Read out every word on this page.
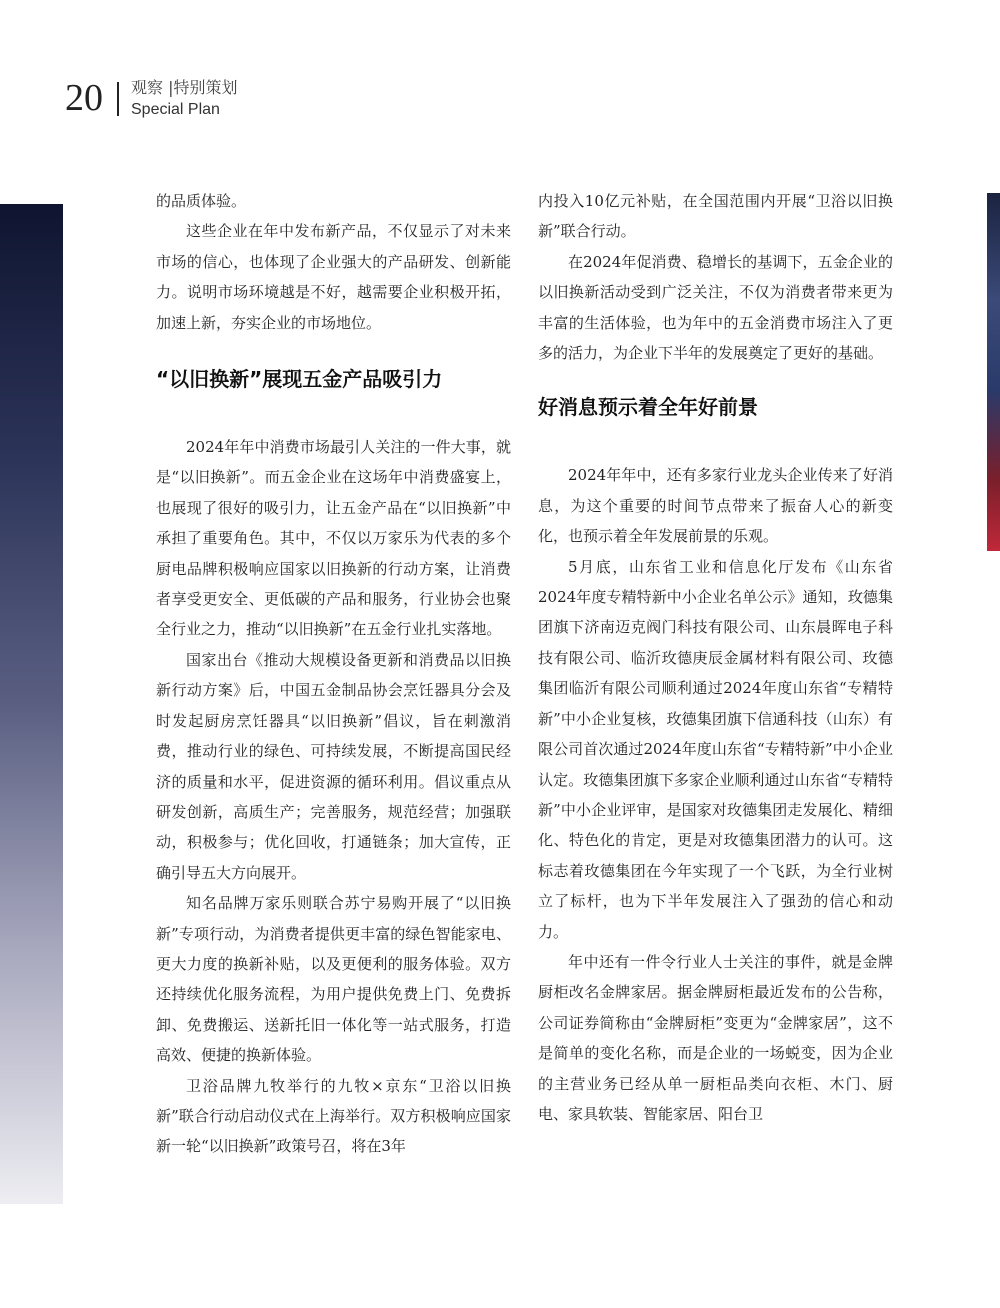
20 观察 |特别策划
Special Plan

的品质体验。

这些企业在年中发布新产品，不仅显示了对未来市场的信心，也体现了企业强大的产品研发、创新能力。说明市场环境越是不好，越需要企业积极开拓，加速上新，夯实企业的市场地位。

“以旧换新”展现五金产品吸引力

2024年年中消费市场最引人关注的一件大事，就是“以旧换新”。而五金企业在这场年中消费盛宴上，也展现了很好的吸引力，让五金产品在“以旧换新”中承担了重要角色。其中，不仅以万家乐为代表的多个厨电品牌积极响应国家以旧换新的行动方案，让消费者享受更安全、更低碳的产品和服务，行业协会也聚全行业之力，推动“以旧换新”在五金行业扎实落地。

国家出台《推动大规模设备更新和消费品以旧换新行动方案》后，中国五金制品协会烹饪器具分会及时发起厨房烹饪器具“以旧换新”倡议，旨在刺激消费，推动行业的绿色、可持续发展，不断提高国民经济的质量和水平，促进资源的循环利用。倡议重点从研发创新，高质生产；完善服务，规范经营；加强联动，积极参与；优化回收，打通链条；加大宣传，正确引导五大方向展开。

知名品牌万家乐则联合苏宁易购开展了“以旧换新”专项行动，为消费者提供更丰富的绿色智能家电、更大力度的换新补贴，以及更便利的服务体验。双方还持续优化服务流程，为用户提供免费上门、免费拆卸、免费搬运、送新托旧一体化等一站式服务，打造高效、便捷的换新体验。

卫浴品牌九牧举行的九牧×京东“卫浴以旧换新”联合行动启动仪式在上海举行。双方积极响应国家新一轮“以旧换新”政策号召，将在3年

内投入10亿元补贴，在全国范围内开展“卫浴以旧换新”联合行动。

在2024年促消费、稳增长的基调下，五金企业的以旧换新活动受到广泛关注，不仅为消费者带来更为丰富的生活体验，也为年中的五金消费市场注入了更多的活力，为企业下半年的发展奠定了更好的基础。

好消息预示着全年好前景

2024年年中，还有多家行业龙头企业传来了好消息，为这个重要的时间节点带来了振奋人心的新变化，也预示着全年发展前景的乐观。

5月底，山东省工业和信息化厅发布《山东省2024年度专精特新中小企业名单公示》通知，玫德集团旗下济南迈克阀门科技有限公司、山东晨晖电子科技有限公司、临沂玫德庚辰金属材料有限公司、玫德集团临沂有限公司顺利通过2024年度山东省“专精特新”中小企业复核，玫德集团旗下信通科技（山东）有限公司首次通过2024年度山东省“专精特新”中小企业认定。玫德集团旗下多家企业顺利通过山东省“专精特新”中小企业评审，是国家对玫德集团走发展化、精细化、特色化的肯定，更是对玫德集团潜力的认可。这标志着玫德集团在今年实现了一个飞跃，为全行业树立了标杆，也为下半年发展注入了强劲的信心和动力。

年中还有一件令行业人士关注的事件，就是金牌厨柜改名金牌家居。据金牌厨柜最近发布的公告称，公司证券简称由“金牌厨柜”变更为“金牌家居”，这不是简单的变化名称，而是企业的一场蜕变，因为企业的主营业务已经从单一厨柜品类向衣柜、木门、厨电、家具软装、智能家居、阳台卫
